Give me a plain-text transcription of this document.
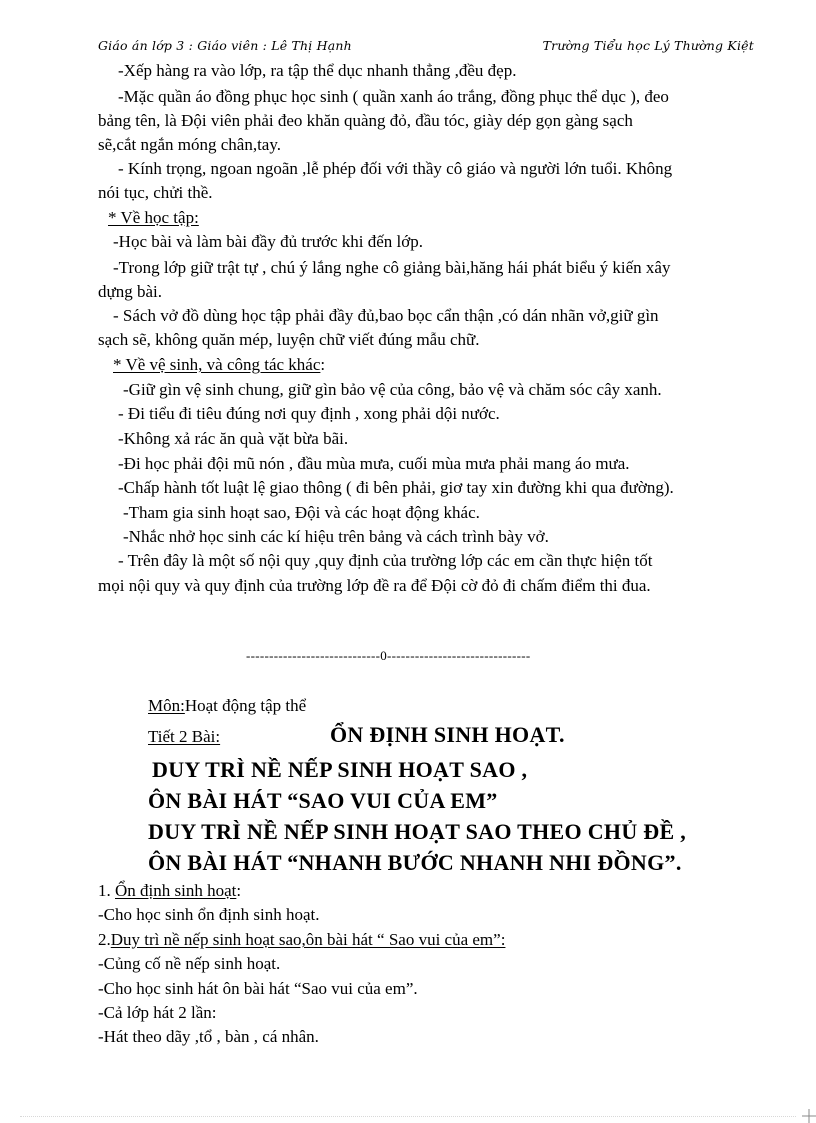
Giáo án lớp 3 : Giáo viên : Lê Thị Hạnh	Trường Tiểu học Lý Thường Kiệt
-Xếp hàng ra vào lớp, ra tập thể dục nhanh thẳng ,đều đẹp.
-Mặc quần áo đồng phục học sinh ( quần xanh áo trắng, đồng phục thể dục ), đeo
bảng tên, là Đội viên phải đeo khăn quàng đỏ, đầu tóc, giày dép gọn gàng sạch
sẽ,cắt ngắn móng chân,tay.
- Kính trọng, ngoan ngoãn ,lễ phép đối với thầy cô giáo và người lớn tuổi. Không
nói tục, chửi thề.
* Về học tập:
-Học bài và làm bài đầy đủ trước khi đến lớp.
-Trong lớp giữ trật tự , chú ý lắng nghe cô giảng bài,hăng hái phát biểu ý kiến xây
dựng bài.
- Sách vở đồ dùng học tập phải đầy đủ,bao bọc cẩn thận ,có dán nhãn vở,giữ gìn
sạch sẽ, không quăn mép, luyện chữ viết đúng mẫu chữ.
* Về vệ sinh, và công tác khác:
-Giữ gìn vệ sinh chung, giữ gìn bảo vệ của công, bảo vệ và chăm sóc cây xanh.
- Đi tiểu đi tiêu đúng nơi quy định , xong phải dội nước.
-Không xả rác ăn quà vặt bừa bãi.
-Đi học phải đội mũ nón , đầu mùa mưa, cuối mùa mưa phải mang áo mưa.
-Chấp hành tốt luật lệ giao thông ( đi bên phải, giơ tay xin đường khi qua đường).
-Tham gia sinh hoạt sao, Đội và các hoạt động khác.
-Nhắc nhở học sinh các kí hiệu trên bảng và cách trình bày vở.
- Trên đây là một số nội quy ,quy định của trường lớp các em cần thực hiện tốt
mọi nội quy và quy định của trường lớp đề ra để Đội cờ đỏ đi chấm điểm thi đua.
-----------------------------0-------------------------------
Môn:Hoạt động tập thể
Tiết 2 Bài:	ỔN ĐỊNH SINH HOẠT.
DUY TRÌ NỀ NẾP SINH HOẠT SAO ,
ÔN BÀI HÁT “SAO VUI CỦA EM”
DUY TRÌ NỀ NẾP SINH HOẠT SAO THEO CHỦ ĐỀ ,
ÔN BÀI HÁT “NHANH BƯỚC NHANH NHI ĐỒNG”.
1. Ổn định sinh hoạt:
-Cho học sinh ổn định sinh hoạt.
2.Duy trì nề nếp sinh hoạt sao,ôn bài hát “ Sao vui của em”:
-Củng cố nề nếp sinh hoạt.
-Cho học sinh hát ôn bài hát “Sao vui của em”.
-Cả lớp hát 2 lần:
-Hát theo dãy ,tổ , bàn , cá nhân.
